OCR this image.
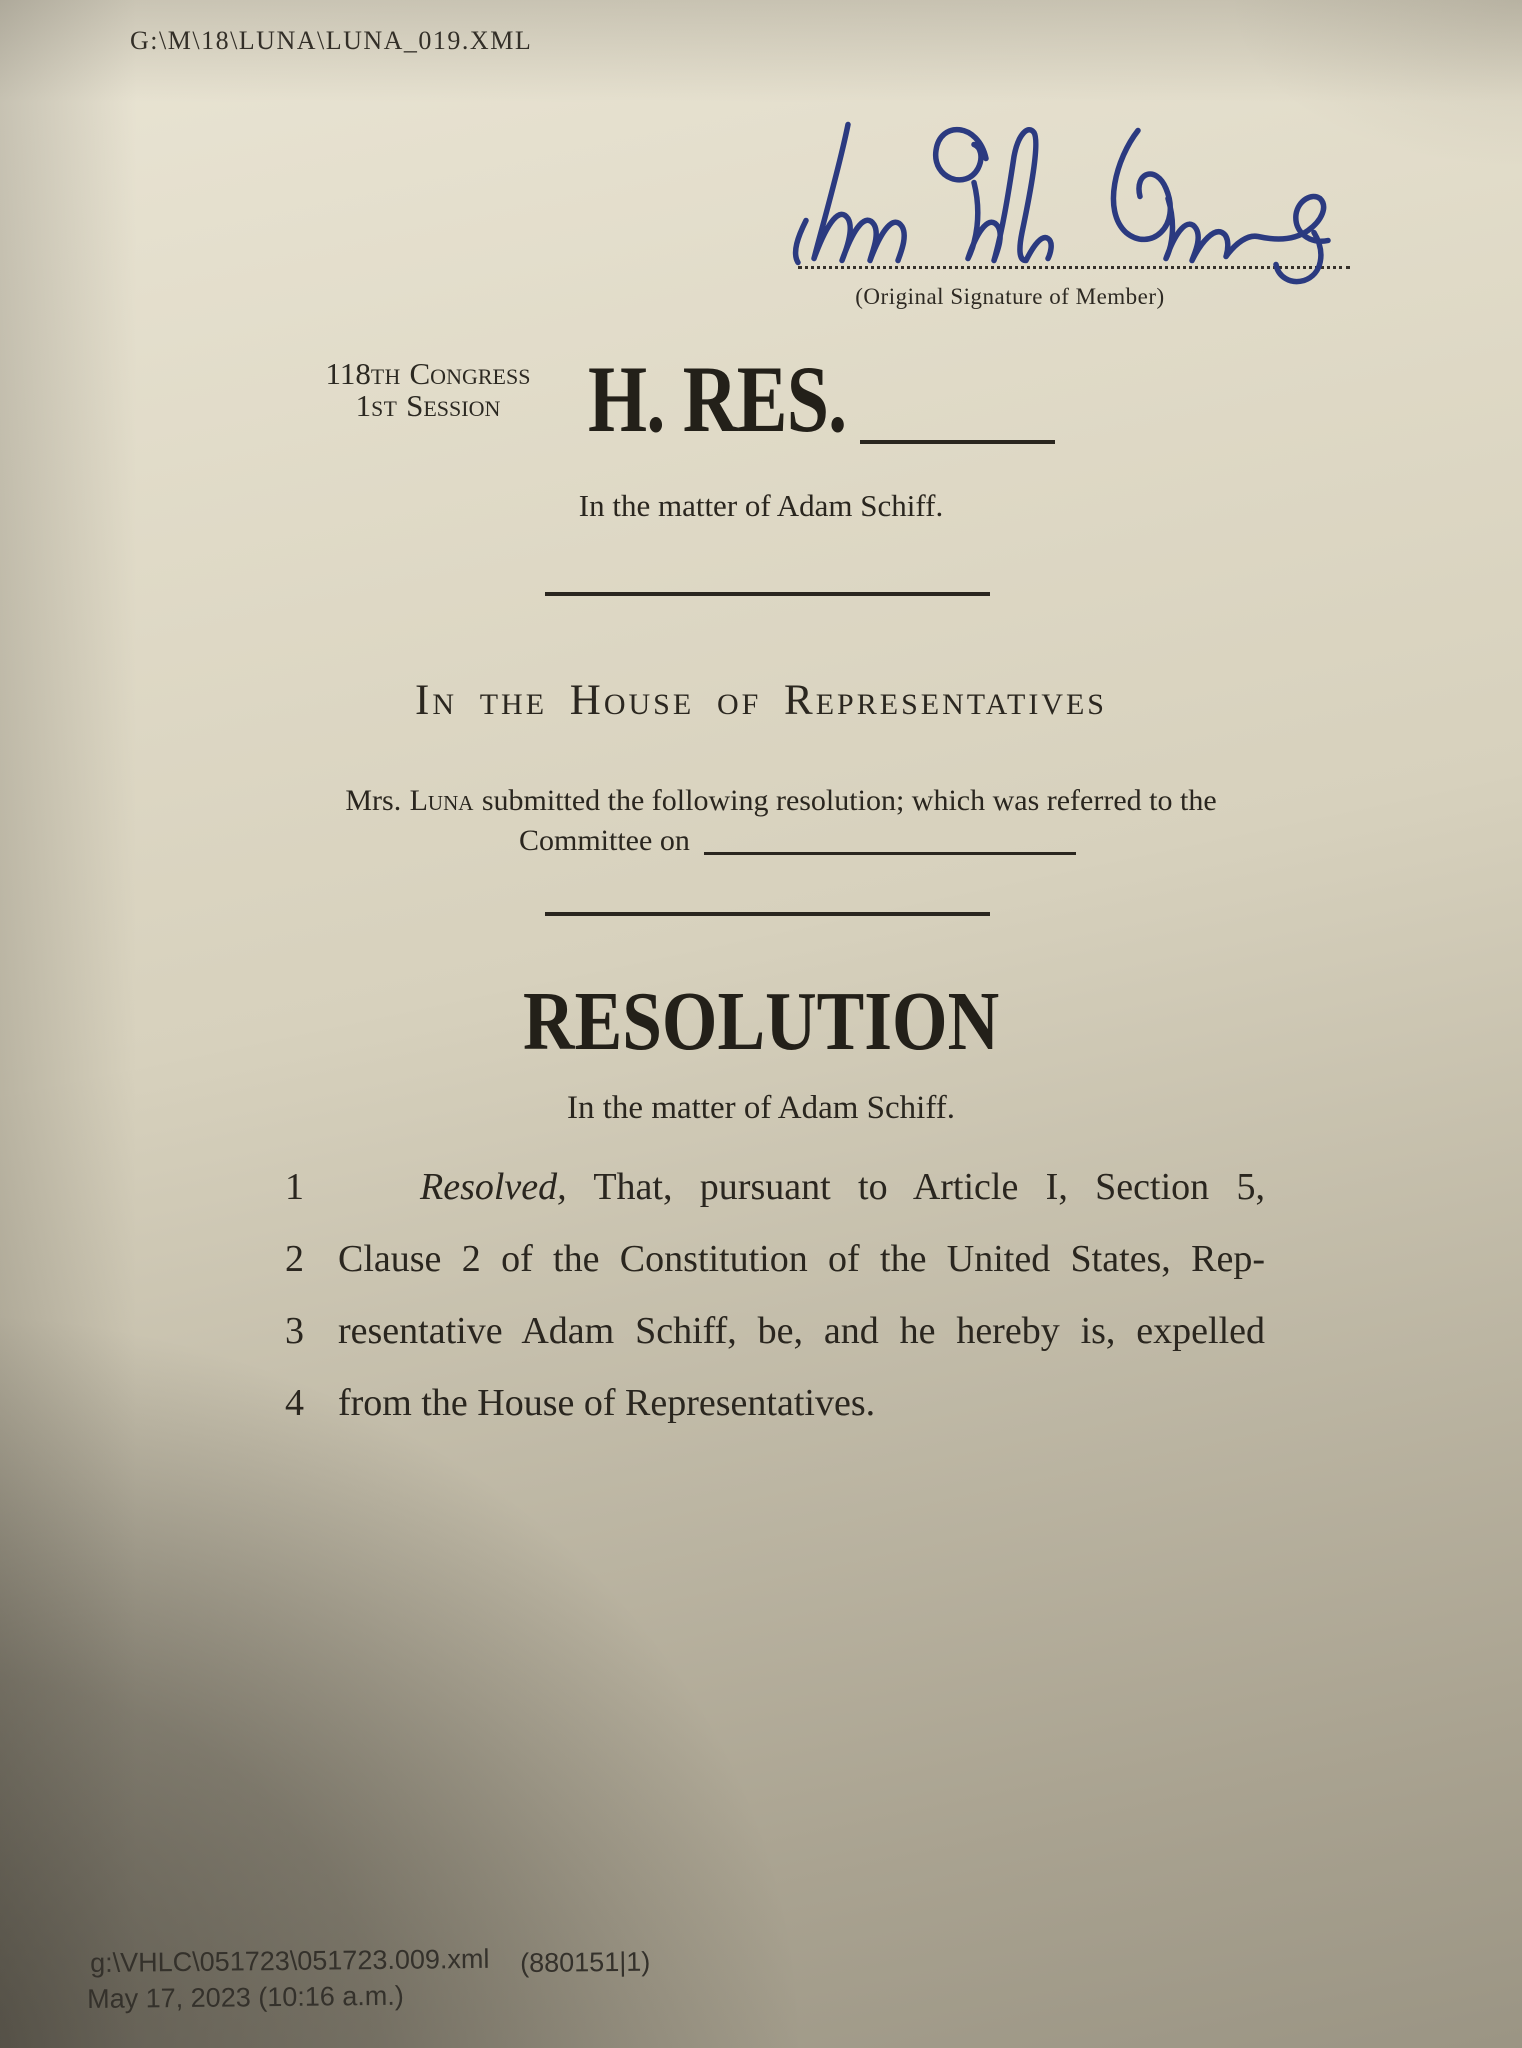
G:\M\18\LUNA\LUNA_019.XML
(Original Signature of Member)
118TH Congress
1ST Session H. RES.
In the matter of Adam Schiff.
In the House of Representatives
Mrs. Luna submitted the following resolution; which was referred to the
Committee on
RESOLUTION
In the matter of Adam Schiff.
1	Resolved, That, pursuant to Article I, Section 5,
2 Clause 2 of the Constitution of the United States, Rep-
3 resentative Adam Schiff, be, and he hereby is, expelled
4 from the House of Representatives.
g:\VHLC\051723\051723.009.xml (880151|1)
May 17, 2023 (10:16 a.m.)
